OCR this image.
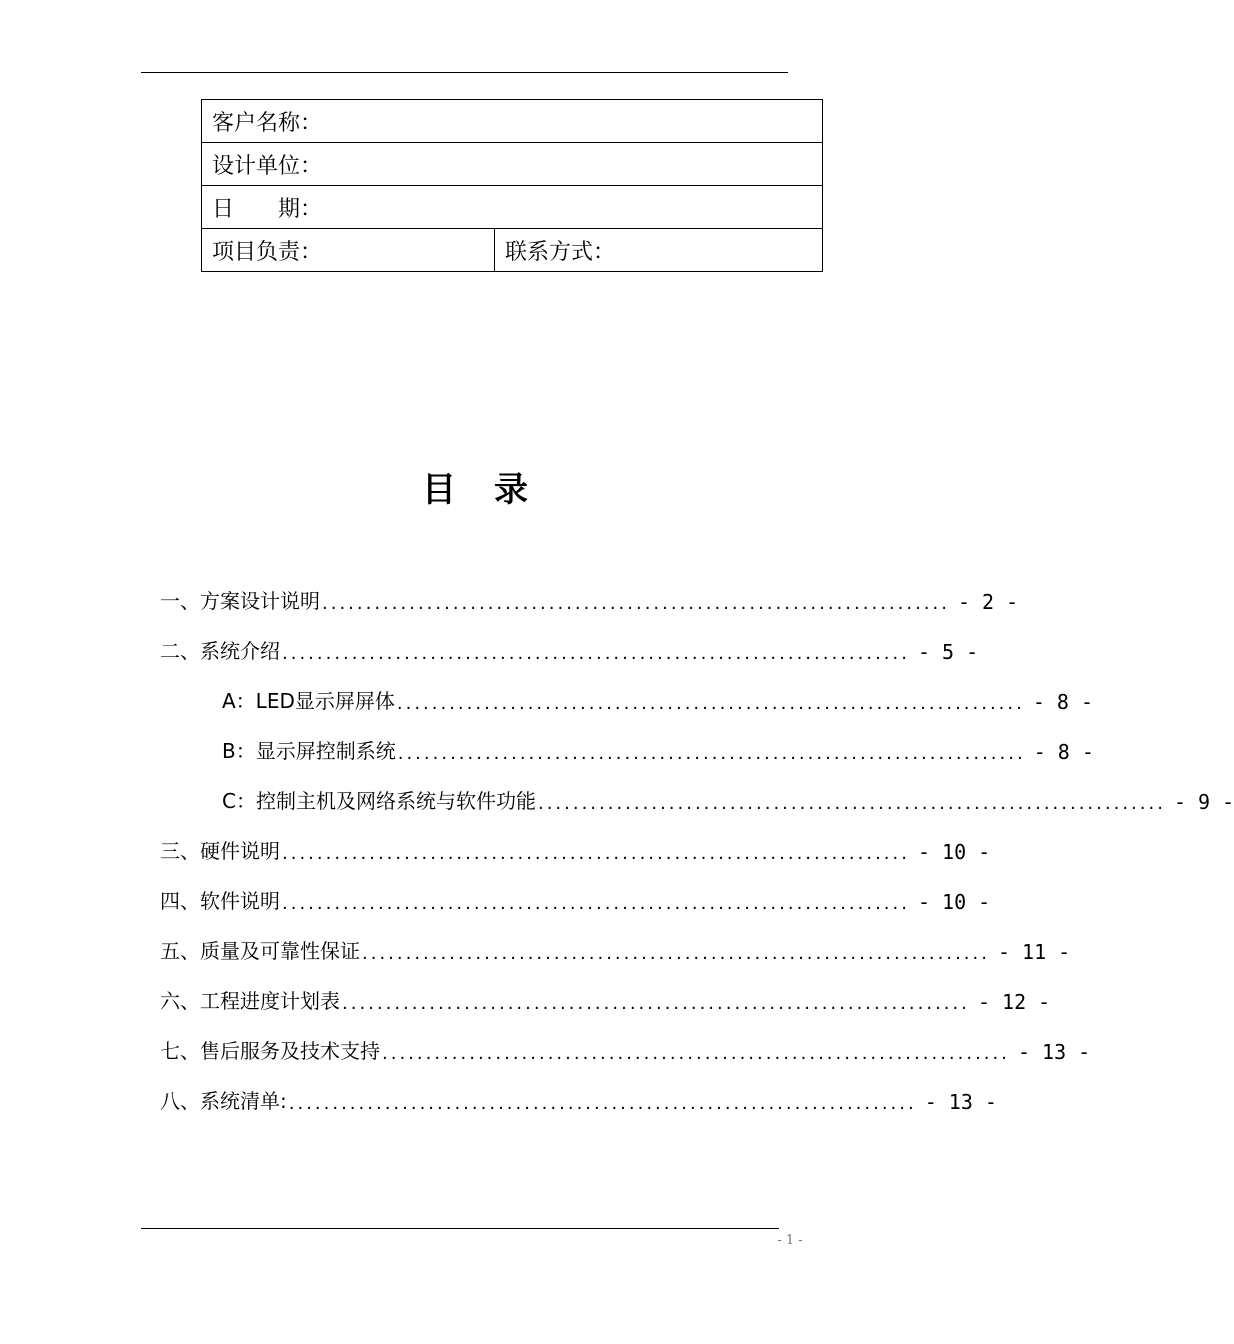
客户名称：
设计单位：
日 期：
项目负责：	联系方式：
目 录
一、方案设计说明 ........................................................................ - 2 -
二、系统介绍 ........................................................................ - 5 -
A：LED显示屏屏体 ........................................................................ - 8 -
B：显示屏控制系统 ........................................................................ - 8 -
C：控制主机及网络系统与软件功能 ........................................................................ - 9 -
三、硬件说明 ........................................................................ - 10 -
四、软件说明 ........................................................................ - 10 -
五、质量及可靠性保证 ........................................................................ - 11 -
六、工程进度计划表 ........................................................................ - 12 -
七、售后服务及技术支持 ........................................................................ - 13 -
八、系统清单: ........................................................................ - 13 -
- 1 -
